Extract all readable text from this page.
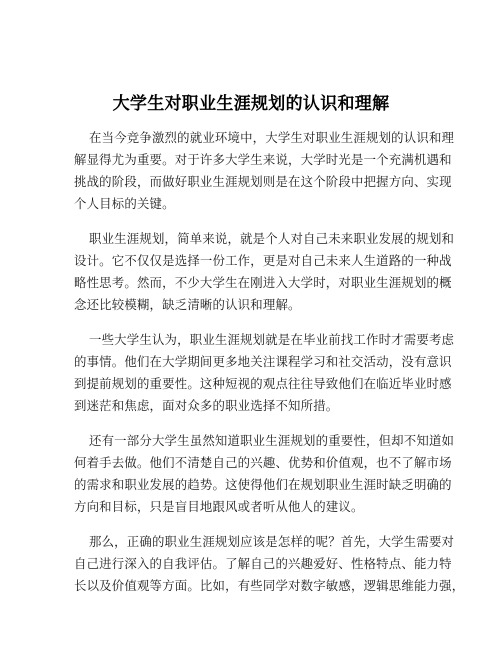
大学生对职业生涯规划的认识和理解
在当今竞争激烈的就业环境中，大学生对职业生涯规划的认识和理
解显得尤为重要。对于许多大学生来说，大学时光是一个充满机遇和
挑战的阶段，而做好职业生涯规划则是在这个阶段中把握方向、实现
个人目标的关键。
职业生涯规划，简单来说，就是个人对自己未来职业发展的规划和
设计。它不仅仅是选择一份工作，更是对自己未来人生道路的一种战
略性思考。然而，不少大学生在刚进入大学时，对职业生涯规划的概
念还比较模糊，缺乏清晰的认识和理解。
一些大学生认为，职业生涯规划就是在毕业前找工作时才需要考虑
的事情。他们在大学期间更多地关注课程学习和社交活动，没有意识
到提前规划的重要性。这种短视的观点往往导致他们在临近毕业时感
到迷茫和焦虑，面对众多的职业选择不知所措。
还有一部分大学生虽然知道职业生涯规划的重要性，但却不知道如
何着手去做。他们不清楚自己的兴趣、优势和价值观，也不了解市场
的需求和职业发展的趋势。这使得他们在规划职业生涯时缺乏明确的
方向和目标，只是盲目地跟风或者听从他人的建议。
那么，正确的职业生涯规划应该是怎样的呢？首先，大学生需要对
自己进行深入的自我评估。了解自己的兴趣爱好、性格特点、能力特
长以及价值观等方面。比如，有些同学对数字敏感，逻辑思维能力强，
